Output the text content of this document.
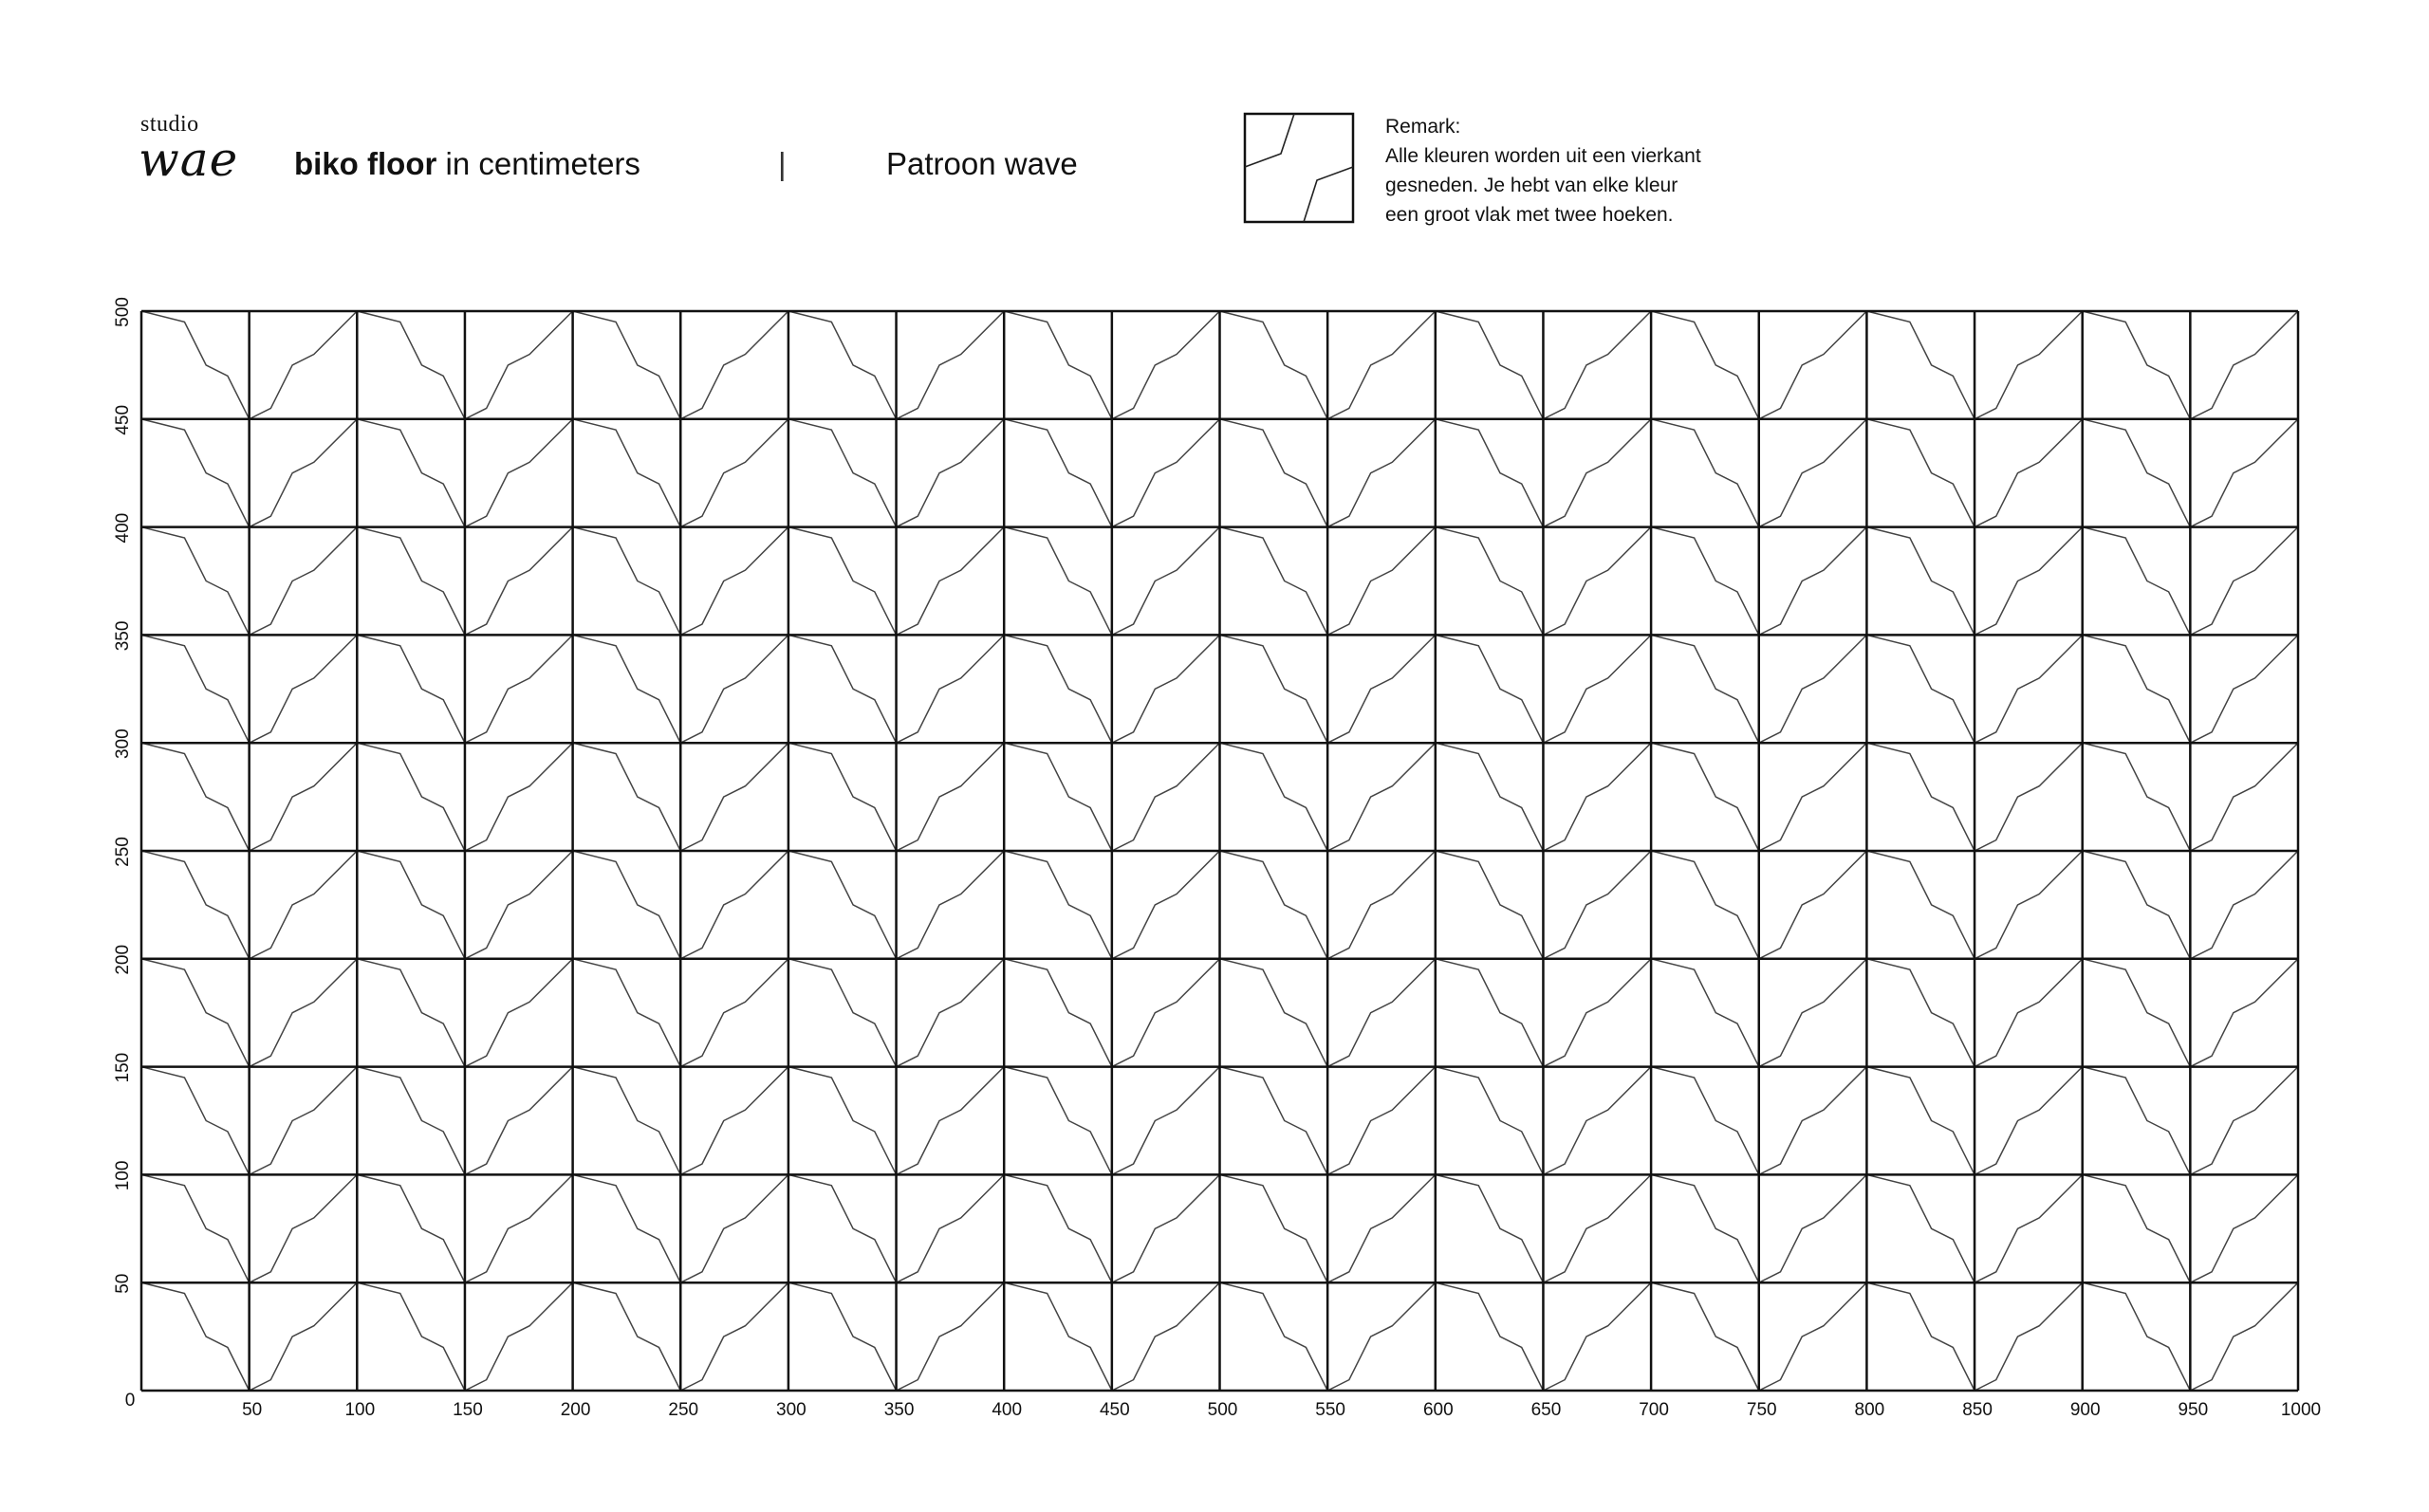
studio
wae biko floor in centimeters	|	Patroon wave
Remark:
Alle kleuren worden uit een vierkant
gesneden. Je hebt van elke kleur
een groot vlak met twee hoeken.
50	100	150	200	250	300	350	400	450	500	550	600	650	700	750	800	850	900	950	1000
0
50
100
150
200
250
300
350
400
450
500
